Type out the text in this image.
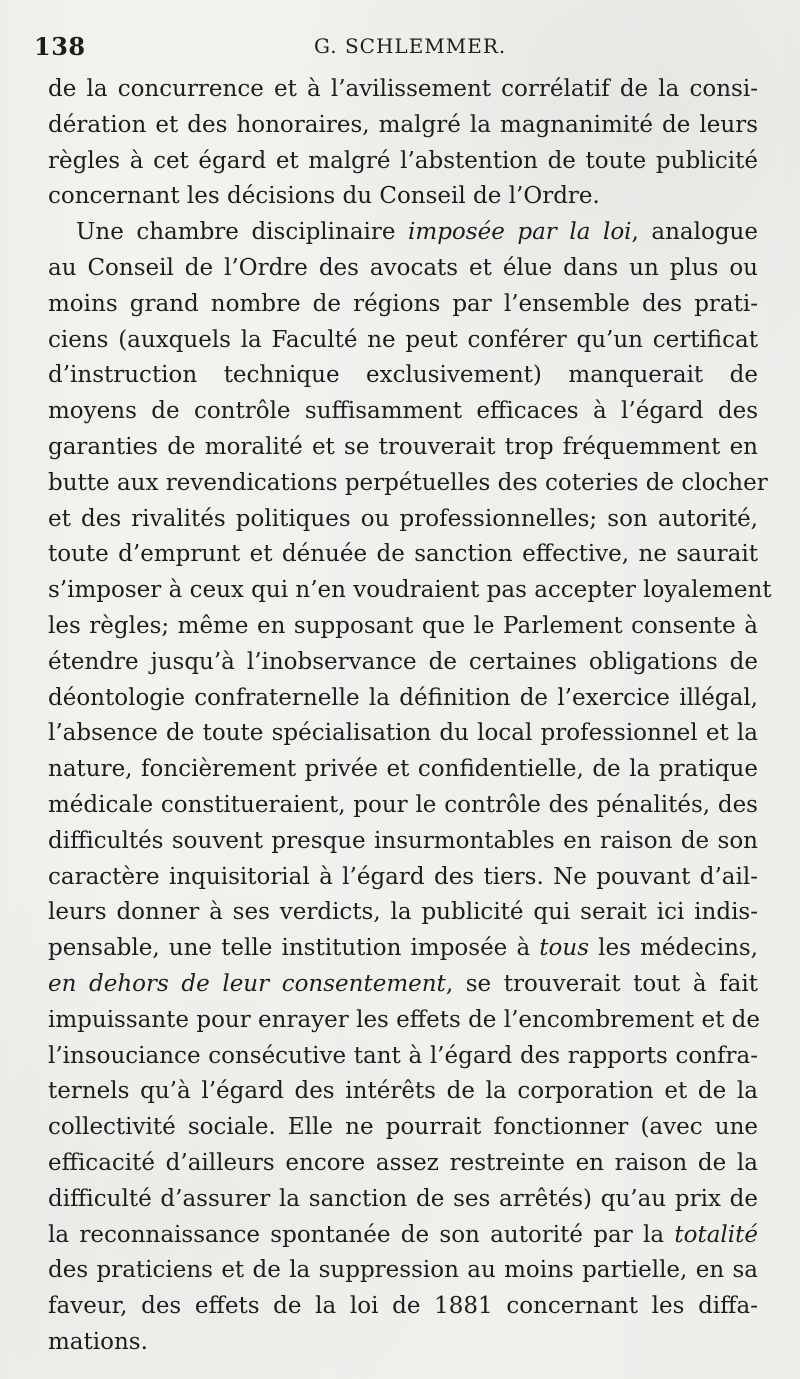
138	G. SCHLEMMER.
de la concurrence et à l’avilissement corrélatif de la consi-
dération et des honoraires, malgré la magnanimité de leurs
règles à cet égard et malgré l’abstention de toute publicité
concernant les décisions du Conseil de l’Ordre.
Une chambre disciplinaire imposée par la loi, analogue
au Conseil de l’Ordre des avocats et élue dans un plus ou
moins grand nombre de régions par l’ensemble des prati-
ciens (auxquels la Faculté ne peut conférer qu’un certificat
d’instruction technique exclusivement) manquerait de
moyens de contrôle suffisamment efficaces à l’égard des
garanties de moralité et se trouverait trop fréquemment en
butte aux revendications perpétuelles des coteries de clocher
et des rivalités politiques ou professionnelles; son autorité,
toute d’emprunt et dénuée de sanction effective, ne saurait
s’imposer à ceux qui n’en voudraient pas accepter loyalement
les règles; même en supposant que le Parlement consente à
étendre jusqu’à l’inobservance de certaines obligations de
déontologie confraternelle la définition de l’exercice illégal,
l’absence de toute spécialisation du local professionnel et la
nature, foncièrement privée et confidentielle, de la pratique
médicale constitueraient, pour le contrôle des pénalités, des
difficultés souvent presque insurmontables en raison de son
caractère inquisitorial à l’égard des tiers. Ne pouvant d’ail-
leurs donner à ses verdicts, la publicité qui serait ici indis-
pensable, une telle institution imposée à tous les médecins,
en dehors de leur consentement, se trouverait tout à fait
impuissante pour enrayer les effets de l’encombrement et de
l’insouciance consécutive tant à l’égard des rapports confra-
ternels qu’à l’égard des intérêts de la corporation et de la
collectivité sociale. Elle ne pourrait fonctionner (avec une
efficacité d’ailleurs encore assez restreinte en raison de la
difficulté d’assurer la sanction de ses arrêtés) qu’au prix de
la reconnaissance spontanée de son autorité par la totalité
des praticiens et de la suppression au moins partielle, en sa
faveur, des effets de la loi de 1881 concernant les diffa-
mations.
